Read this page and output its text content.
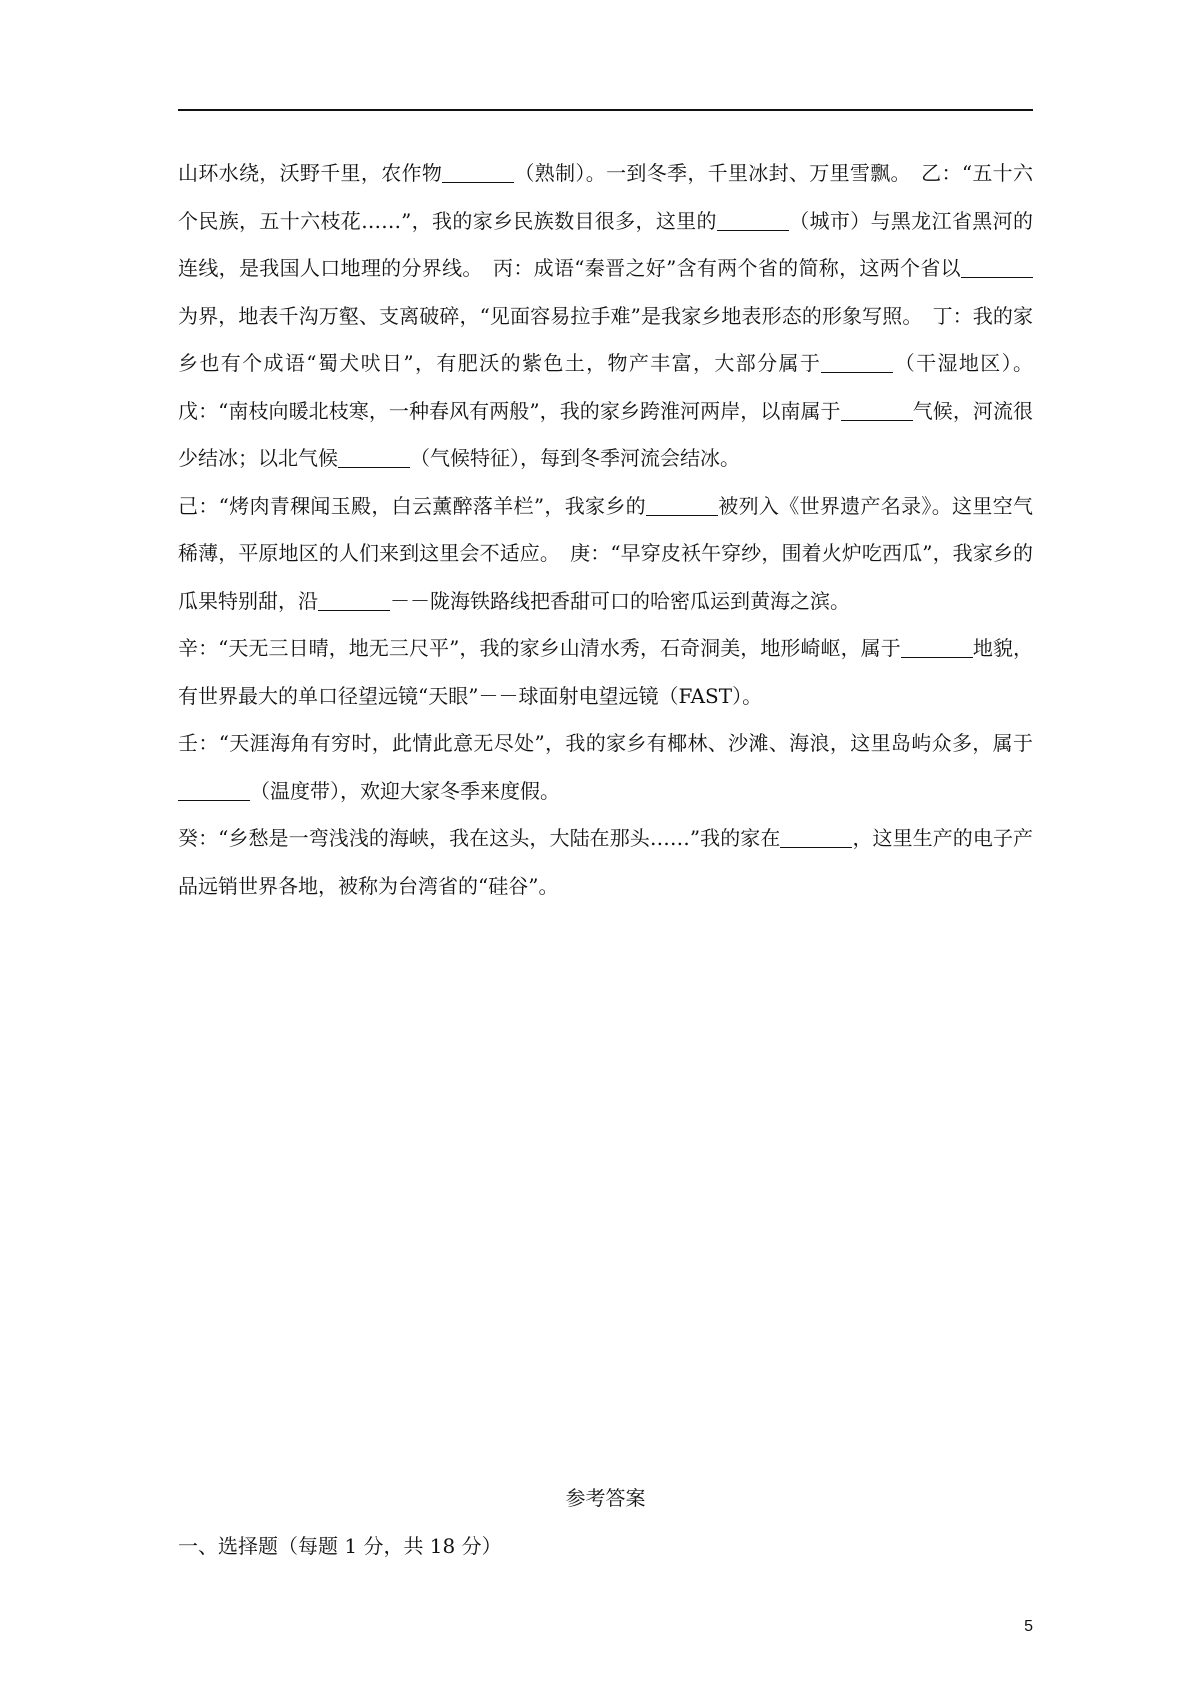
山环水绕，沃野千里，农作物	（熟制）。一到冬季，千里冰封、万里雪飘。　乙：“五十六个民族，五十六枝花……”，我的家乡民族数目很多，这里的	（城市）与黑龙江省黑河的连线，是我国人口地理的分界线。　丙：成语“秦晋之好”含有两个省的简称，这两个省以为界，地表千沟万壑、支离破碎，“见面容易拉手难”是我家乡地表形态的形象写照。　丁：我的家乡也有个成语“蜀犬吠日”，有肥沃的紫色土，物产丰富，大部分属于	（干湿地区）。 戊：“南枝向暖北枝寒，一种春风有两般”，我的家乡跨淮河两岸，以南属于	气候，河流很少结冰；以北气候	（气候特征），每到冬季河流会结冰。

己：“烤肉青稞闻玉殿，白云薰醉落羊栏”，我家乡的	被列入《世界遗产名录》。这里空气稀薄，平原地区的人们来到这里会不适应。　庚：“早穿皮袄午穿纱，围着火炉吃西瓜”，我家乡的瓜果特别甜，沿	－－陇海铁路线把香甜可口的哈密瓜运到黄海之滨。

辛：“天无三日晴，地无三尺平”，我的家乡山清水秀，石奇洞美，地形崎岖，属于	地貌，有世界最大的单口径望远镜“天眼”－－球面射电望远镜（FAST）。

壬：“天涯海角有穷时，此情此意无尽处”，我的家乡有椰林、沙滩、海浪，这里岛屿众多，属于（温度带），欢迎大家冬季来度假。

癸：“乡愁是一弯浅浅的海峡，我在这头，大陆在那头……”我的家在	，这里生产的电子产品远销世界各地，被称为台湾省的“硅谷”。

参考答案
一、选择题（每题 1 分，共 18 分）
5
